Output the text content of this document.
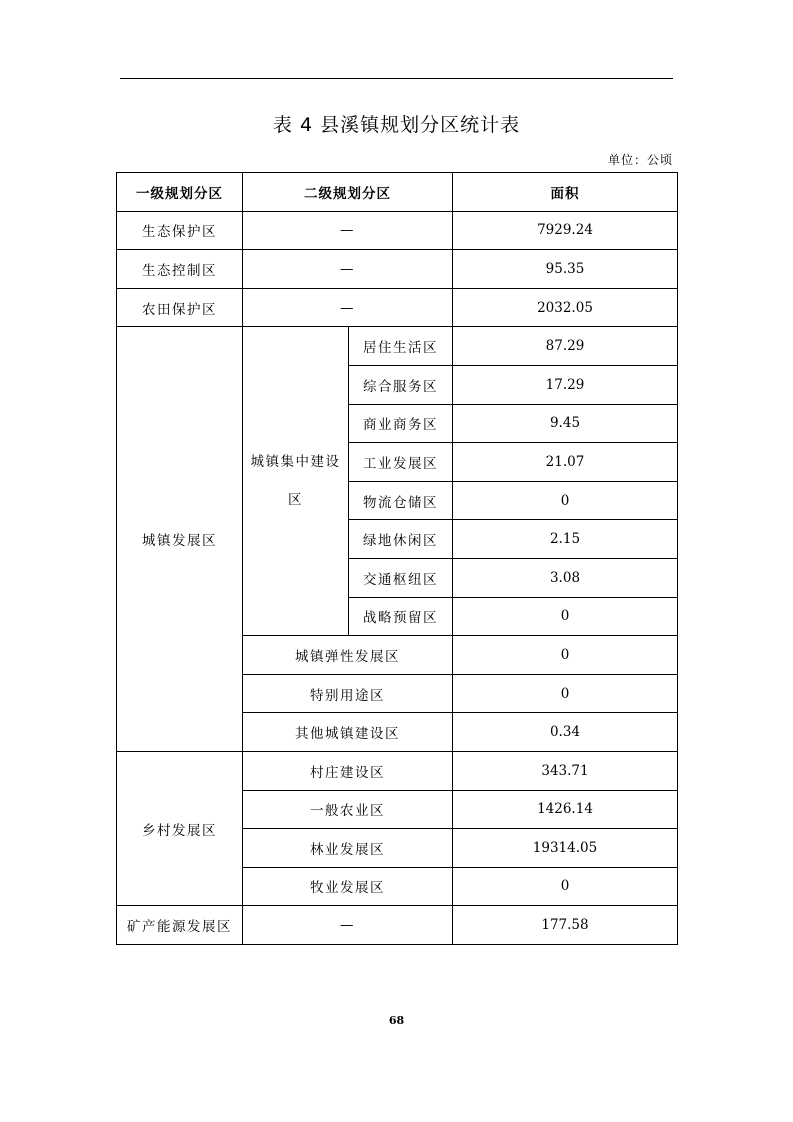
表 4 县溪镇规划分区统计表
单位：公顷
一级规划分区	二级规划分区		面积
生态保护区	—		7929.24
生态控制区	—		95.35
农田保护区	—		2032.05
城镇发展区	城镇集中建设区	居住生活区	87.29
		综合服务区	17.29
		商业商务区	9.45
		工业发展区	21.07
		物流仓储区	0
		绿地休闲区	2.15
		交通枢纽区	3.08
		战略预留区	0
	城镇弹性发展区		0
	特别用途区		0
	其他城镇建设区		0.34
乡村发展区	村庄建设区		343.71
	一般农业区		1426.14
	林业发展区		19314.05
	牧业发展区		0
矿产能源发展区	—		177.58
68
